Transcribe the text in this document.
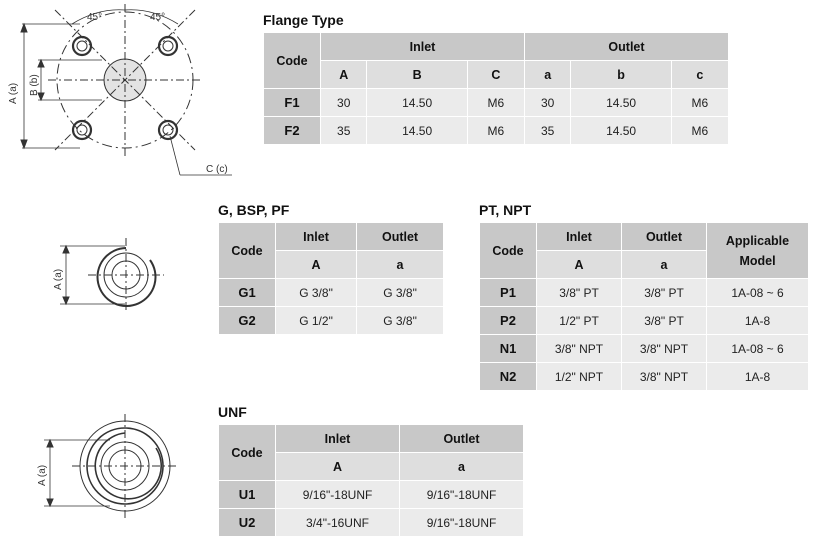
45°	45°
A (a) B (b)
C (c)
A (a)
A (a)
Flange Type
Code	Inlet			Outlet		
	A	B	C	a	b	c
F1	30	14.50	M6	30	14.50	M6
F2	35	14.50	M6	35	14.50	M6
G, BSP, PF
Code	Inlet	Outlet
	A	a
G1	G 3/8"	G 3/8"
G2	G 1/2"	G 3/8"
PT, NPT
Code	Inlet	Outlet	Applicable Model
	A	a	
P1	3/8" PT	3/8" PT	1A-08 ~ 6
P2	1/2" PT	3/8" PT	1A-8
N1	3/8" NPT	3/8" NPT	1A-08 ~ 6
N2	1/2" NPT	3/8" NPT	1A-8
UNF
Code	Inlet	Outlet
	A	a
U1	9/16"-18UNF	9/16"-18UNF
U2	3/4"-16UNF	9/16"-18UNF
